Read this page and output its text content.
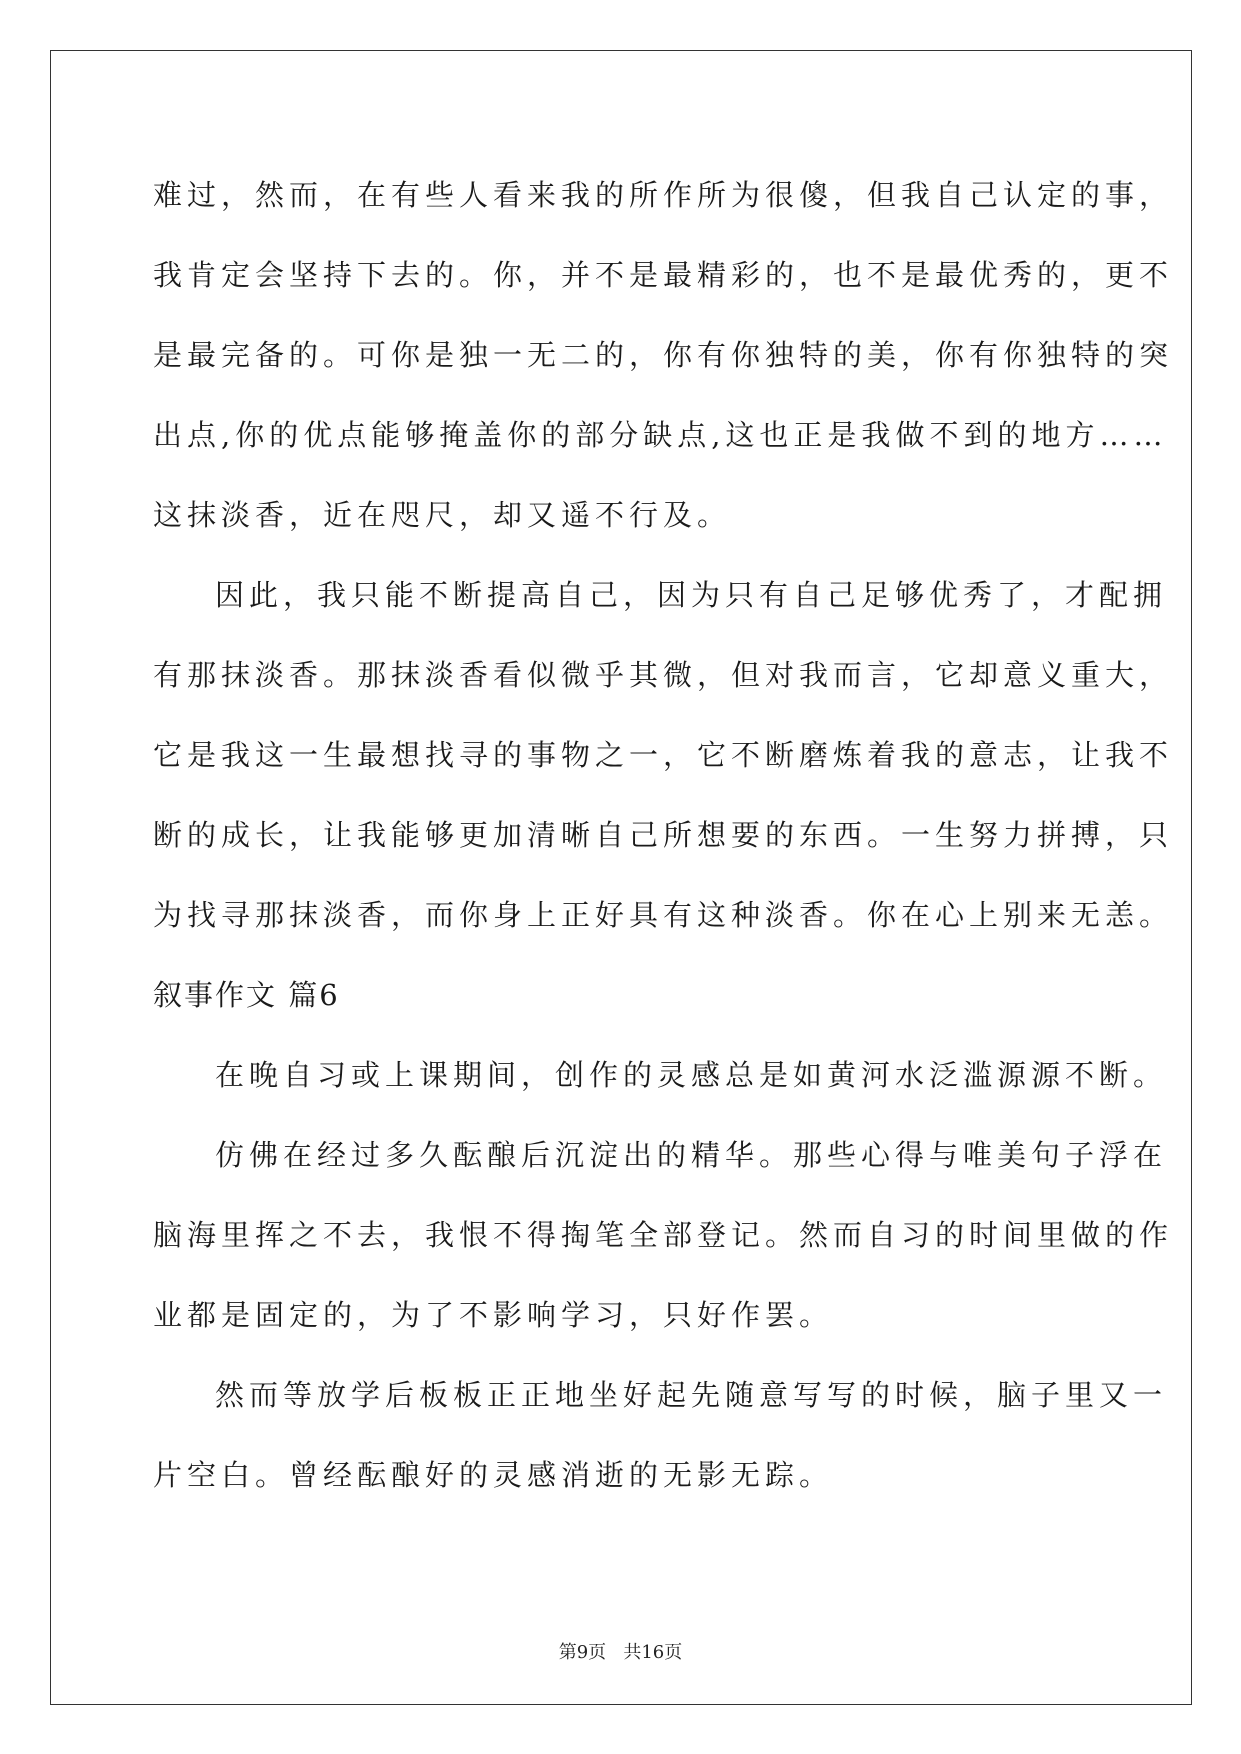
难过，然而，在有些人看来我的所作所为很傻，但我自己认定的事，
我肯定会坚持下去的。你，并不是最精彩的，也不是最优秀的，更不
是最完备的。可你是独一无二的，你有你独特的美，你有你独特的突
出点,你的优点能够掩盖你的部分缺点,这也正是我做不到的地方……
这抹淡香，近在咫尺，却又遥不行及。
因此，我只能不断提高自己，因为只有自己足够优秀了，才配拥
有那抹淡香。那抹淡香看似微乎其微，但对我而言，它却意义重大，
它是我这一生最想找寻的事物之一，它不断磨炼着我的意志，让我不
断的成长，让我能够更加清晰自己所想要的东西。一生努力拼搏，只
为找寻那抹淡香，而你身上正好具有这种淡香。你在心上别来无恙。
叙事作文 篇6
在晚自习或上课期间，创作的灵感总是如黄河水泛滥源源不断。
仿佛在经过多久酝酿后沉淀出的精华。那些心得与唯美句子浮在
脑海里挥之不去，我恨不得掏笔全部登记。然而自习的时间里做的作
业都是固定的，为了不影响学习，只好作罢。
然而等放学后板板正正地坐好起先随意写写的时候，脑子里又一
片空白。曾经酝酿好的灵感消逝的无影无踪。
第9页   共16页
